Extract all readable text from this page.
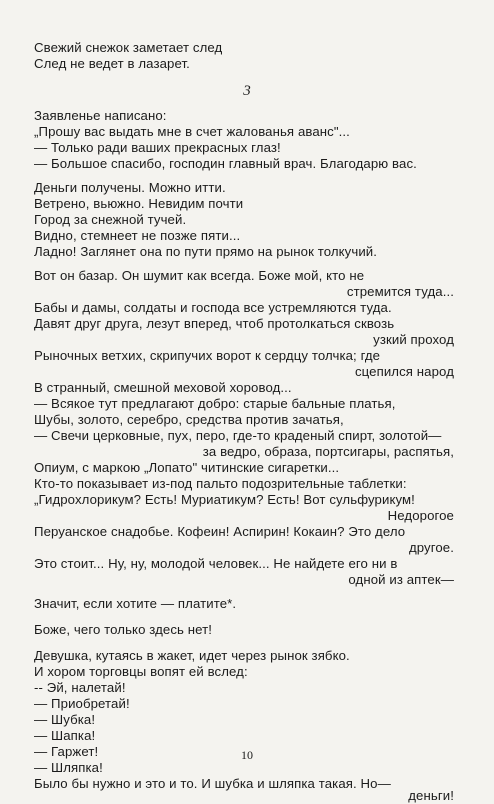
Свежий снежок заметает след
След не ведет в лазарет.
3
Заявленье написано:
„Прошу вас выдать мне в счет жалованья аванс"...
— Только ради ваших прекрасных глаз!
— Большое спасибо, господин главный врач. Благодарю вас.
Деньги получены. Можно итти.
Ветрено, вьюжно. Невидим почти
Город за снежной тучей.
Видно, стемнеет не позже пяти...
Ладно! Заглянет она по пути прямо на рынок толкучий.
Вот он базар. Он шумит как всегда. Боже мой, кто не
стремится туда...
Бабы и дамы, солдаты и господа все устремляются туда.
Давят друг друга, лезут вперед, чтоб протолкаться сквозь
узкий проход
Рыночных ветхих, скрипучих ворот к сердцу толчка; где
сцепился народ
В странный, смешной меховой хоровод...
— Всякое тут предлагают добро: старые бальные платья,
Шубы, золото, серебро, средства против зачатья,
— Свечи церковные, пух, перо, где-то краденый спирт, золотой—
за ведро, образа, портсигары, распятья,
Опиум, с маркою „Лопато" читинские сигаретки...
Кто-то показывает из-под пальто подозрительные таблетки:
„Гидрохлорикум? Есть! Муриатикум? Есть! Вот сульфурикум!
Недорогое
Перуанское снадобье. Кофеин! Аспирин! Кокаин? Это дело
другое.
Это стоит... Ну, ну, молодой человек... Не найдете его ни в
одной из аптек—
Значит, если хотите — платите*.
Боже, чего только здесь нет!
Девушка, кутаясь в жакет, идет через рынок зябко.
И хором торговцы вопят ей вслед:
-- Эй, налетай!
— Приобретай!
— Шубка!
— Шапка!
— Гаржет!
— Шляпка!
Было бы нужно и это и то. И шубка и шляпка такая. Но—
деньги!
10
